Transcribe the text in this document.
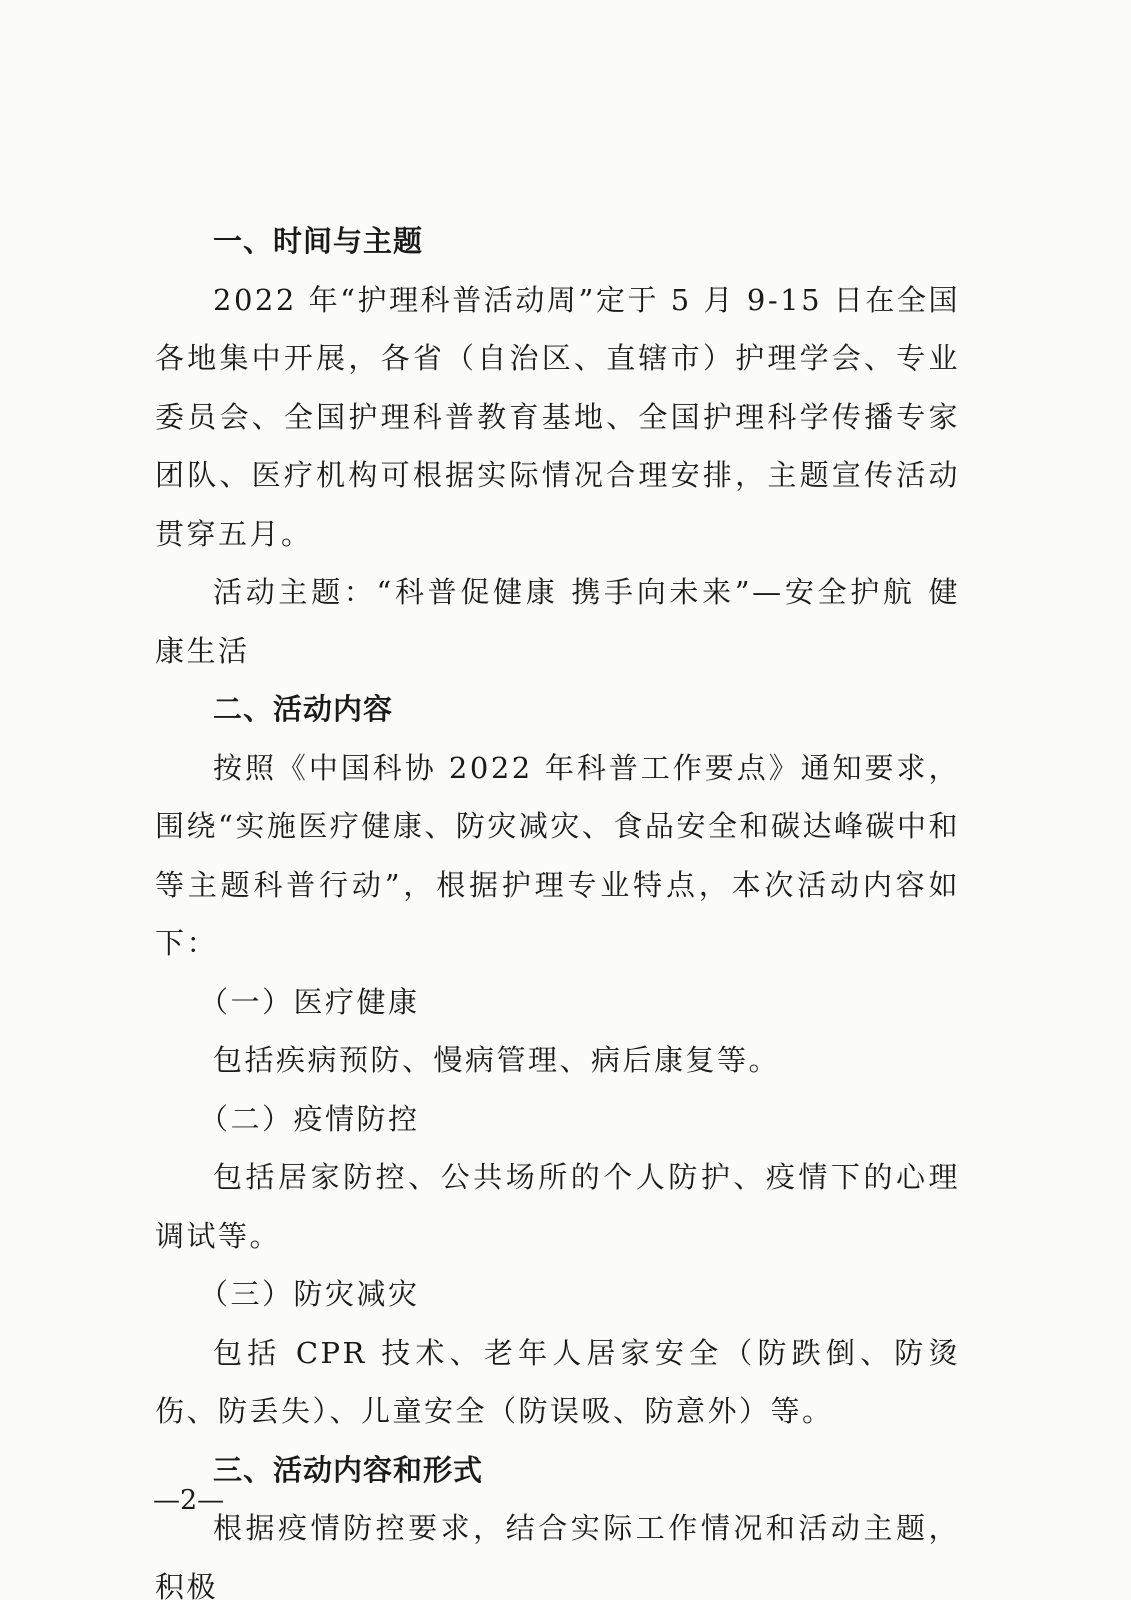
一、时间与主题

2022 年“护理科普活动周”定于 5 月 9-15 日在全国各地集中开展，各省（自治区、直辖市）护理学会、专业委员会、全国护理科普教育基地、全国护理科学传播专家团队、医疗机构可根据实际情况合理安排，主题宣传活动贯穿五月。

活动主题：“科普促健康 携手向未来”—安全护航 健康生活

二、活动内容

按照《中国科协 2022 年科普工作要点》通知要求，围绕“实施医疗健康、防灾减灾、食品安全和碳达峰碳中和等主题科普行动”，根据护理专业特点，本次活动内容如下：

（一）医疗健康

包括疾病预防、慢病管理、病后康复等。

（二）疫情防控

包括居家防控、公共场所的个人防护、疫情下的心理调试等。

（三）防灾减灾

包括 CPR 技术、老年人居家安全（防跌倒、防烫伤、防丢失）、儿童安全（防误吸、防意外）等。

三、活动内容和形式

根据疫情防控要求，结合实际工作情况和活动主题，积极

—2—
